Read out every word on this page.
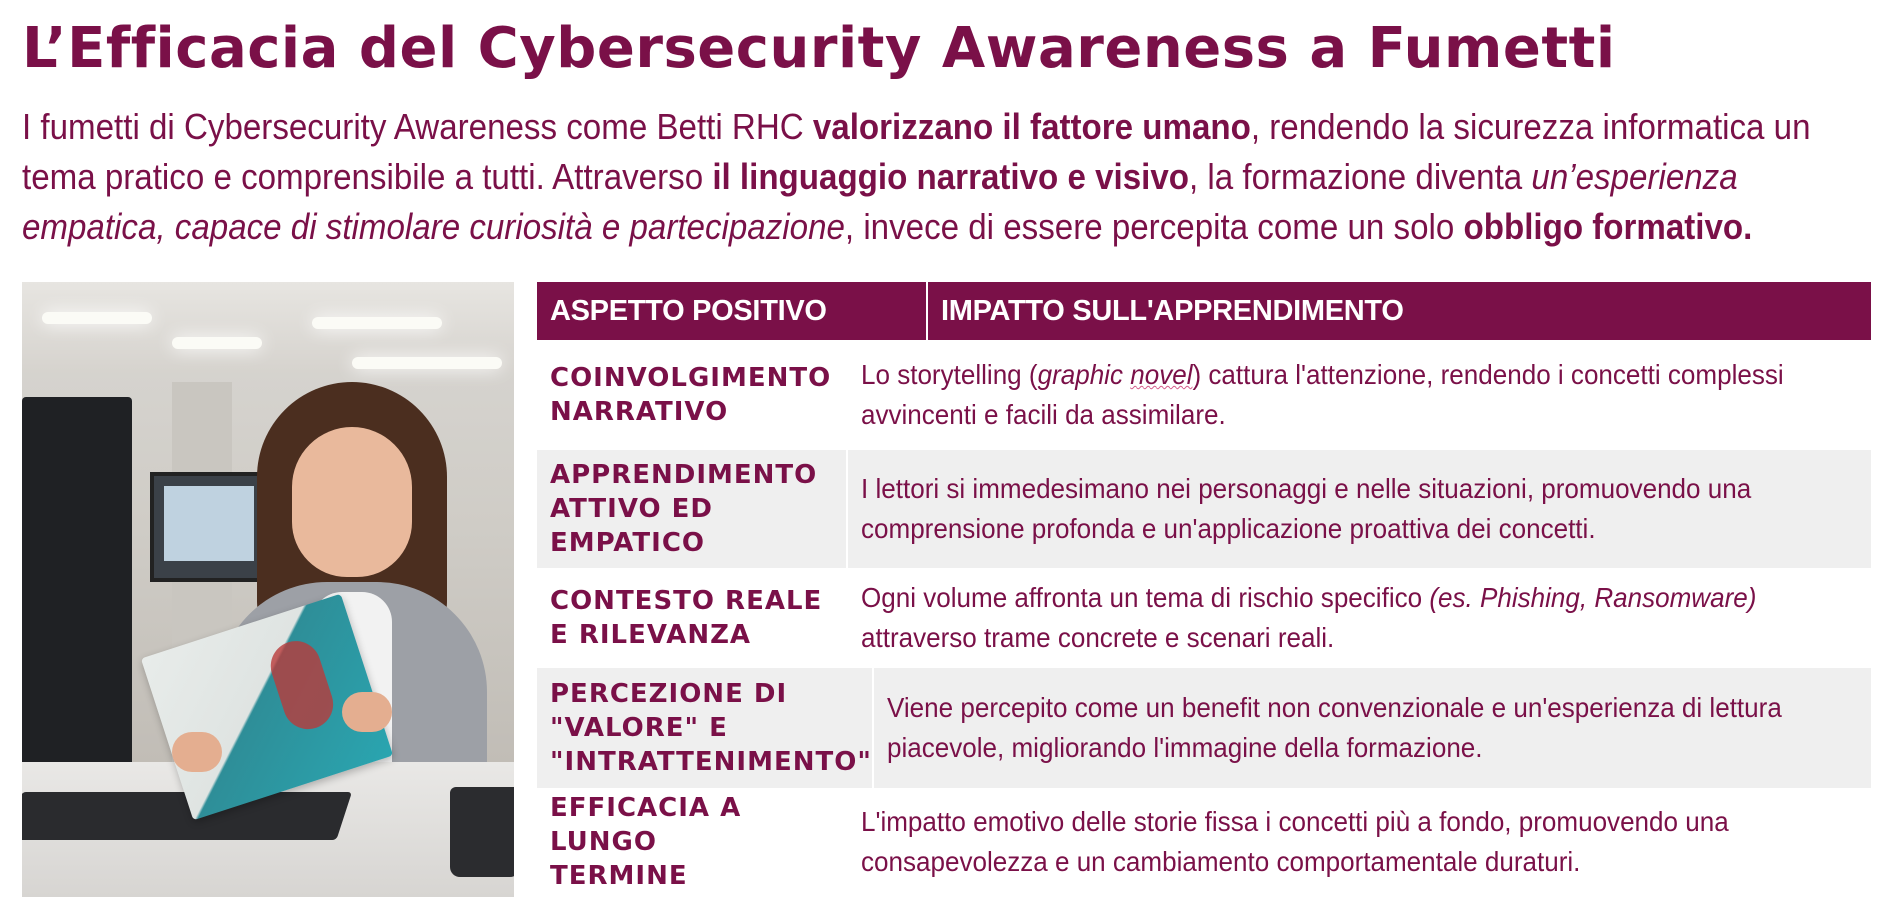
L’Efficacia del Cybersecurity Awareness a Fumetti

I fumetti di Cybersecurity Awareness come Betti RHC valorizzano il fattore umano, rendendo la sicurezza informatica un tema pratico e comprensibile a tutti. Attraverso il linguaggio narrativo e visivo, la formazione diventa un’esperienza empatica, capace di stimolare curiosità e partecipazione, invece di essere percepita come un solo obbligo formativo.

ASPETTO POSITIVO	IMPATTO SULL'APPRENDIMENTO
COINVOLGIMENTO
NARRATIVO
Lo storytelling (graphic novel) cattura l'attenzione, rendendo i concetti complessi avvincenti e facili da assimilare.
APPRENDIMENTO
ATTIVO ED EMPATICO
I lettori si immedesimano nei personaggi e nelle situazioni, promuovendo una comprensione profonda e un'applicazione proattiva dei concetti.
CONTESTO REALE
E RILEVANZA
Ogni volume affronta un tema di rischio specifico (es. Phishing, Ransomware) attraverso trame concrete e scenari reali.
PERCEZIONE DI
"VALORE" E
"INTRATTENIMENTO"
Viene percepito come un benefit non convenzionale e un'esperienza di lettura piacevole, migliorando l'immagine della formazione.
EFFICACIA A LUNGO
TERMINE
L'impatto emotivo delle storie fissa i concetti più a fondo, promuovendo una consapevolezza e un cambiamento comportamentale duraturi.
